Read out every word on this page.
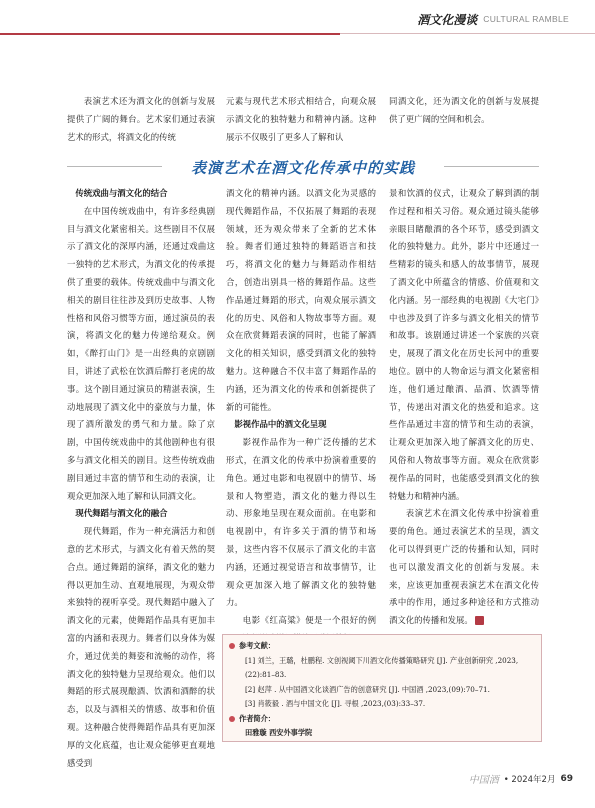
酒文化漫谈 CULTURAL RAMBLE

表演艺术还为酒文化的创新与发展提供了广阔的舞台。艺术家们通过表演艺术的形式，将酒文化的传统

元素与现代艺术形式相结合，向观众展示酒文化的独特魅力和精神内涵。这种展示不仅吸引了更多人了解和认

同酒文化，还为酒文化的创新与发展提供了更广阔的空间和机会。

表演艺术在酒文化传承中的实践

传统戏曲与酒文化的结合

在中国传统戏曲中，有许多经典剧目与酒文化紧密相关。这些剧目不仅展示了酒文化的深厚内涵，还通过戏曲这一独特的艺术形式，为酒文化的传承提供了重要的载体。传统戏曲中与酒文化相关的剧目往往涉及到历史故事、人物性格和风俗习惯等方面，通过演员的表演，将酒文化的魅力传递给观众。例如，《醉打山门》是一出经典的京剧剧目，讲述了武松在饮酒后醉打老虎的故事。这个剧目通过演员的精湛表演，生动地展现了酒文化中的豪放与力量，体现了酒所激发的勇气和力量。除了京剧，中国传统戏曲中的其他剧种也有很多与酒文化相关的剧目。这些传统戏曲剧目通过丰富的情节和生动的表演，让观众更加深入地了解和认同酒文化。

现代舞蹈与酒文化的融合

现代舞蹈，作为一种充满活力和创意的艺术形式，与酒文化有着天然的契合点。通过舞蹈的演绎，酒文化的魅力得以更加生动、直观地展现，为观众带来独特的视听享受。现代舞蹈中融入了酒文化的元素，使舞蹈作品具有更加丰富的内涵和表现力。舞者们以身体为媒介，通过优美的舞姿和流畅的动作，将酒文化的独特魅力呈现给观众。他们以舞蹈的形式展现酿酒、饮酒和酒醉的状态，以及与酒相关的情感、故事和价值观。这种融合使得舞蹈作品具有更加深厚的文化底蕴，也让观众能够更直观地感受到

酒文化的精神内涵。以酒文化为灵感的现代舞蹈作品，不仅拓展了舞蹈的表现领域，还为观众带来了全新的艺术体验。舞者们通过独特的舞蹈语言和技巧，将酒文化的魅力与舞蹈动作相结合，创造出别具一格的舞蹈作品。这些作品通过舞蹈的形式，向观众展示酒文化的历史、风俗和人物故事等方面。观众在欣赏舞蹈表演的同时，也能了解酒文化的相关知识，感受到酒文化的独特魅力。这种融合不仅丰富了舞蹈作品的内涵，还为酒文化的传承和创新提供了新的可能性。

影视作品中的酒文化呈现

影视作品作为一种广泛传播的艺术形式，在酒文化的传承中扮演着重要的角色。通过电影和电视剧中的情节、场景和人物塑造，酒文化的魅力得以生动、形象地呈现在观众面前。在电影和电视剧中，有许多关于酒的情节和场景，这些内容不仅展示了酒文化的丰富内涵，还通过视觉语言和故事情节，让观众更加深入地了解酒文化的独特魅力。

电影《红高粱》便是一个很好的例

景和饮酒的仪式，让观众了解到酒的制作过程和相关习俗。观众通过镜头能够亲眼目睹酿酒的各个环节，感受到酒文化的独特魅力。此外，影片中还通过一些精彩的镜头和感人的故事情节，展现了酒文化中所蕴含的情感、价值观和文化内涵。另一部经典的电视剧《大宅门》中也涉及到了许多与酒文化相关的情节和故事。该剧通过讲述一个家族的兴衰史，展现了酒文化在历史长河中的重要地位。剧中的人物命运与酒文化紧密相连，他们通过酿酒、品酒、饮酒等情节，传递出对酒文化的热爱和追求。这些作品通过丰富的情节和生动的表演，让观众更加深入地了解酒文化的历史、风俗和人物故事等方面。观众在欣赏影视作品的同时，也能感受到酒文化的独特魅力和精神内涵。

表演艺术在酒文化传承中扮演着重要的角色。通过表演艺术的呈现，酒文化可以得到更广泛的传播和认知，同时也可以激发酒文化的创新与发展。未来，应该更加重视表演艺术在酒文化传承中的作用，通过多种途径和方式推动酒文化的传播和发展。	卍

参考文献：
[1] 刘兰，王璐，杜鹏程. 文创视阈下川酒文化传播策略研究 [J]. 产业创新研究 ,2023,(22):81–83.
[2] 赵萍 . 从中国酒文化谈酒广告的创意研究 [J]. 中国酒 ,2023,(09):70–71.
[3] 肖筱毅 . 酒与中国文化 [J]. 寻根 ,2023,(03):33–37.
作者简介：
田雅璇 西安外事学院
中国酒 • 2024年2月 69
